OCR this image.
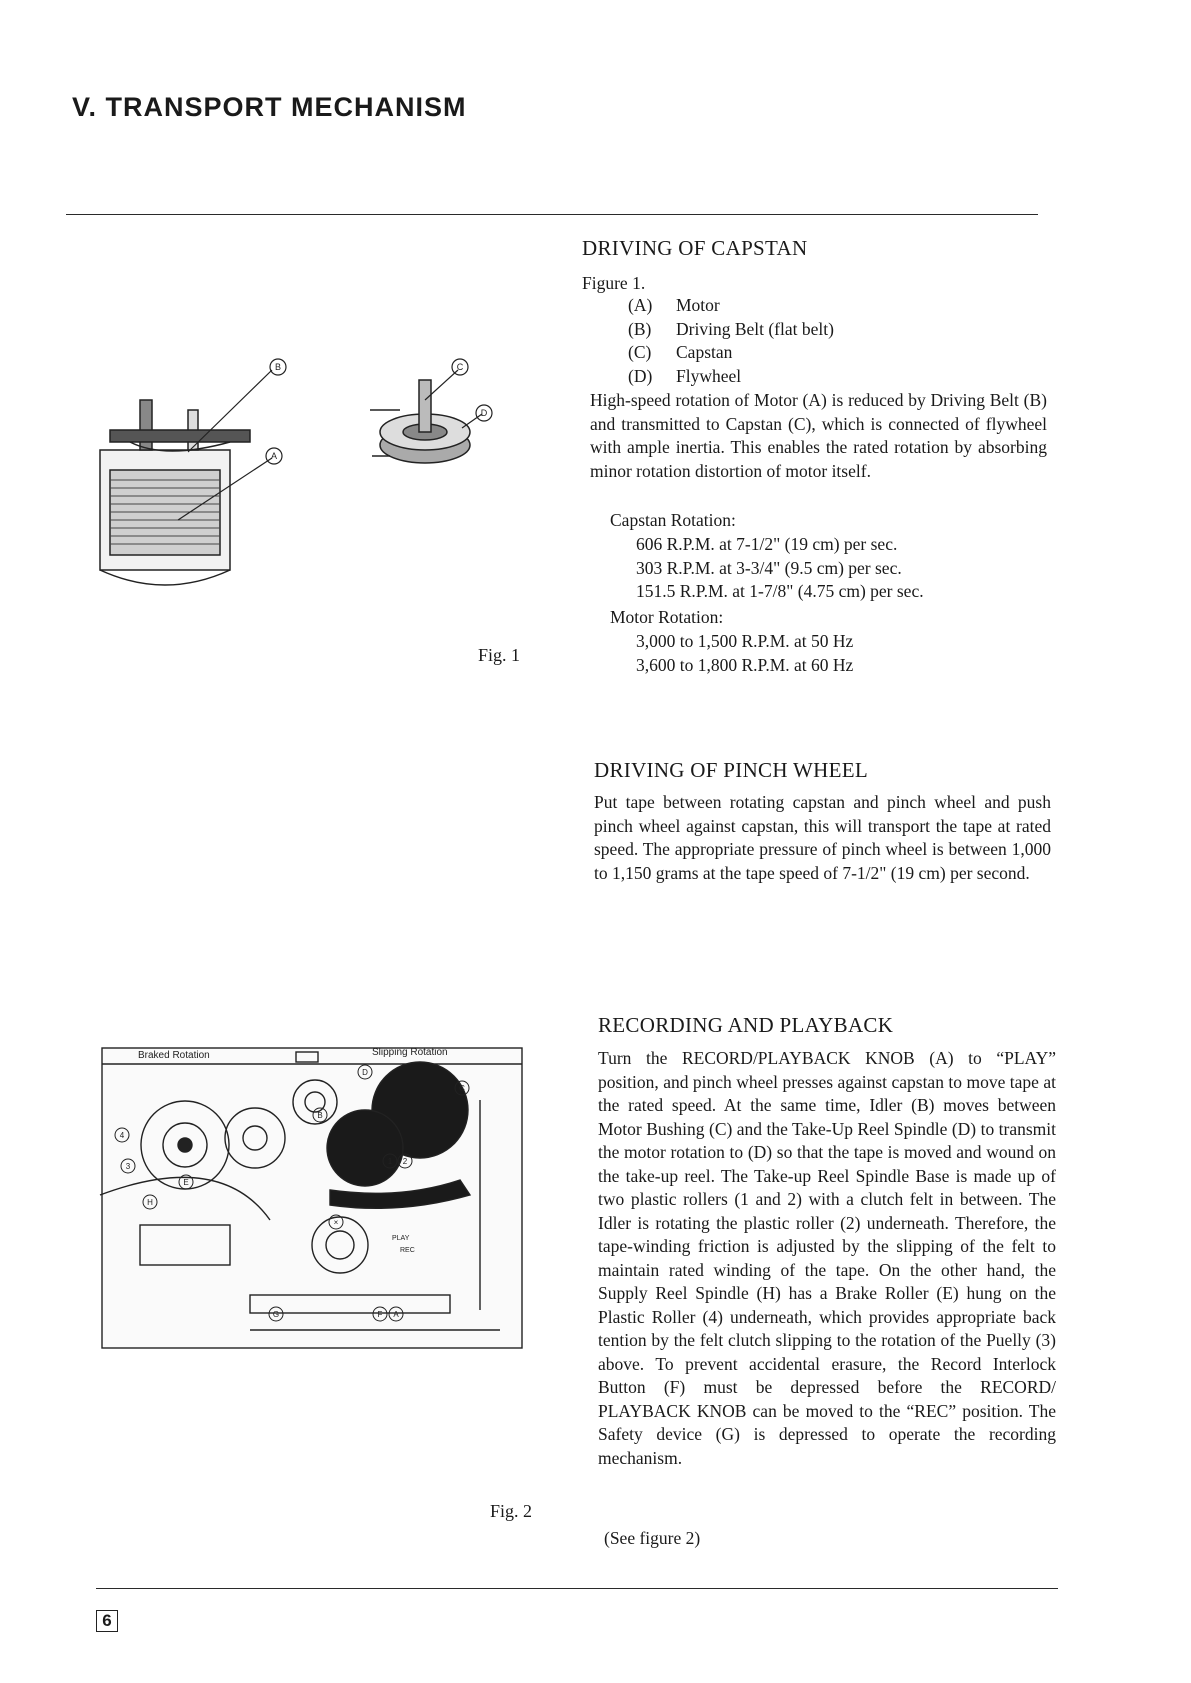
V. TRANSPORT MECHANISM
B
A
C
D
Fig. 1
DRIVING OF CAPSTAN
Figure 1.
(A) Motor
(B) Driving Belt (flat belt)
(C) Capstan
(D) Flywheel
High-speed rotation of Motor (A) is reduced by Driving Belt (B) and transmitted to Capstan (C), which is connected of flywheel with ample inertia. This enables the rated rotation by absorbing minor rotation distortion of motor itself.
Capstan Rotation:
606 R.P.M. at 7-1/2" (19 cm) per sec.
303 R.P.M. at 3-3/4" (9.5 cm) per sec.
151.5 R.P.M. at 1-7/8" (4.75 cm) per sec.
Motor Rotation:
3,000 to 1,500 R.P.M. at 50 Hz
3,600 to 1,800 R.P.M. at 60 Hz
DRIVING OF PINCH WHEEL
Put tape between rotating capstan and pinch wheel and push pinch wheel against capstan, this will transport the tape at rated speed. The appropriate pressure of pinch wheel is between 1,000 to 1,150 grams at the tape speed of 7-1/2" (19 cm) per second.
Braked Rotation	Slipping Rotation
PLAY
REC
1 2
3
4
A
B
C
D
E
F
G
H
×
Fig. 2
RECORDING AND PLAYBACK
Turn the RECORD/PLAYBACK KNOB (A) to “PLAY” position, and pinch wheel presses against capstan to move tape at the rated speed. At the same time, Idler (B) moves between Motor Bushing (C) and the Take-Up Reel Spindle (D) to transmit the motor rotation to (D) so that the tape is moved and wound on the take-up reel. The Take-up Reel Spindle Base is made up of two plastic rollers (1 and 2) with a clutch felt in between. The Idler is rotating the plastic roller (2) underneath. Therefore, the tape-winding friction is adjusted by the slipping of the felt to maintain rated winding of the tape. On the other hand, the Supply Reel Spindle (H) has a Brake Roller (E) hung on the Plastic Roller (4) underneath, which provides appropriate back tention by the felt clutch slipping to the rotation of the Puelly (3) above. To prevent accidental erasure, the Record Interlock Button (F) must be depressed before the RECORD/ PLAYBACK KNOB can be moved to the “REC” position. The Safety device (G) is depressed to operate the recording mechanism.
(See figure 2)
6
